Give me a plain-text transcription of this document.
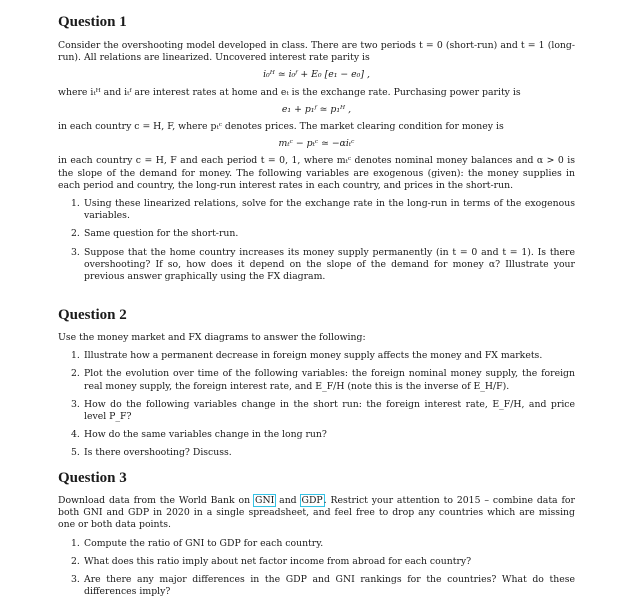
Question 1

Consider the overshooting model developed in class. There are two periods t = 0 (short-run) and t = 1 (long-run). All relations are linearized. Uncovered interest rate parity is

i₀ᴴ ≃ i₀ᶠ + E₀ [e₁ − e₀] ,

where iₜᴴ and iₜᶠ are interest rates at home and eₜ is the exchange rate. Purchasing power parity is

e₁ + p₁ᶠ ≃ p₁ᴴ ,

in each country c = H, F, where pₜᶜ denotes prices. The market clearing condition for money is

mₜᶜ − pₜᶜ ≃ −αiₜᶜ

in each country c = H, F and each period t = 0, 1, where mₜᶜ denotes nominal money balances and α > 0 is the slope of the demand for money. The following variables are exogenous (given): the money supplies in each period and country, the long-run interest rates in each country, and prices in the short-run.

1. Using these linearized relations, solve for the exchange rate in the long-run in terms of the exogenous variables.
2. Same question for the short-run.
3. Suppose that the home country increases its money supply permanently (in t = 0 and t = 1). Is there overshooting? If so, how does it depend on the slope of the demand for money α? Illustrate your previous answer graphically using the FX diagram.
Question 2

Use the money market and FX diagrams to answer the following:

1. Illustrate how a permanent decrease in foreign money supply affects the money and FX markets.
2. Plot the evolution over time of the following variables: the foreign nominal money supply, the foreign real money supply, the foreign interest rate, and E_F/H (note this is the inverse of E_H/F).
3. How do the following variables change in the short run: the foreign interest rate, E_F/H, and price level P_F?
4. How do the same variables change in the long run?
5. Is there overshooting? Discuss.
Question 3

Download data from the World Bank on GNI and GDP. Restrict your attention to 2015 – combine data for both GNI and GDP in 2020 in a single spreadsheet, and feel free to drop any countries which are missing one or both data points.

1. Compute the ratio of GNI to GDP for each country.
2. What does this ratio imply about net factor income from abroad for each country?
3. Are there any major differences in the GDP and GNI rankings for the countries? What do these differences imply?
